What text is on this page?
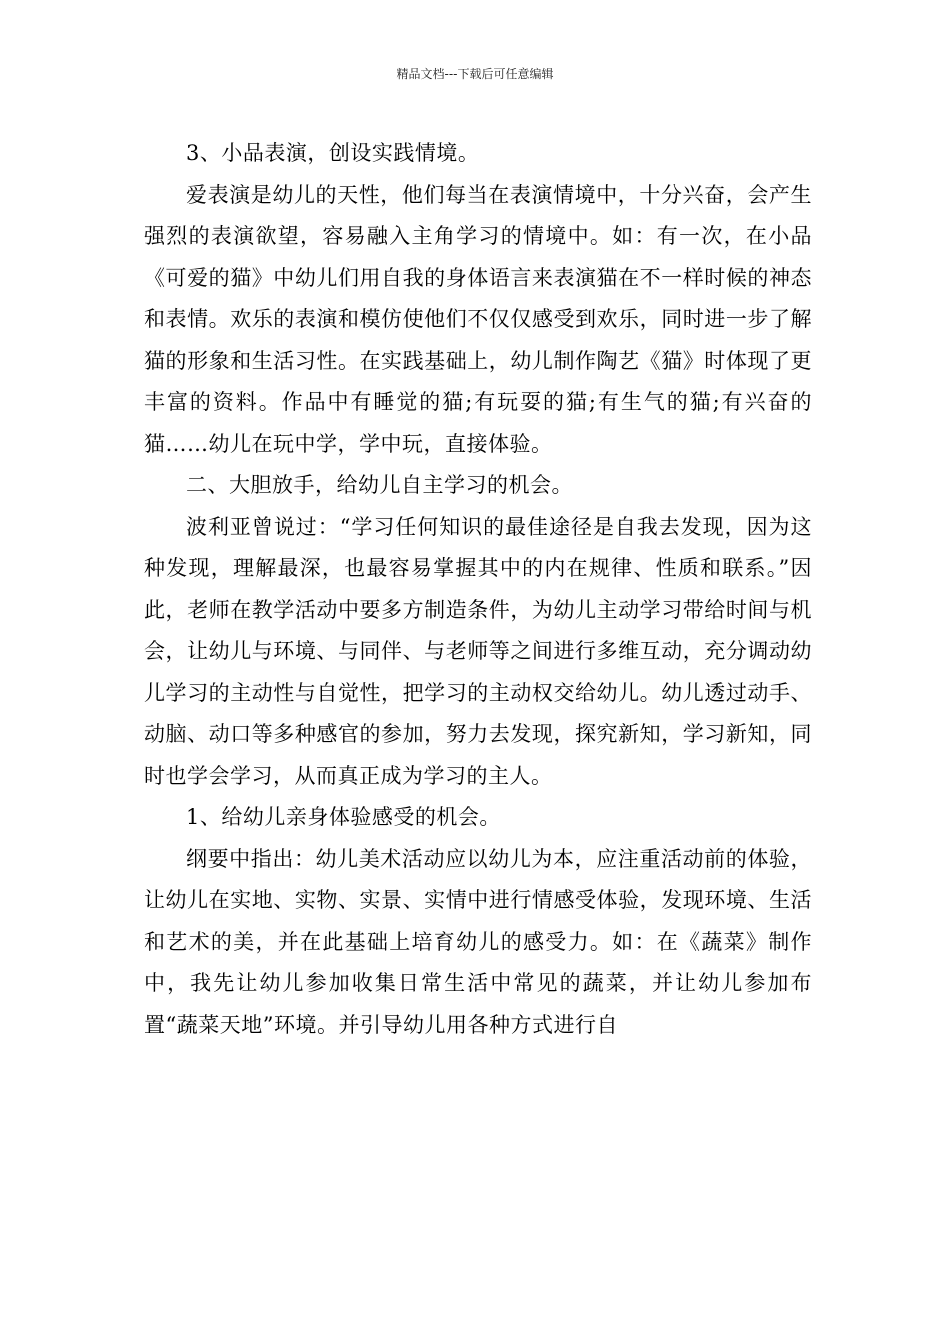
精品文档---下载后可任意编辑

3、小品表演，创设实践情境。

爱表演是幼儿的天性，他们每当在表演情境中，十分兴奋，会产生强烈的表演欲望，容易融入主角学习的情境中。如：有一次，在小品《可爱的猫》中幼儿们用自我的身体语言来表演猫在不一样时候的神态和表情。欢乐的表演和模仿使他们不仅仅感受到欢乐，同时进一步了解猫的形象和生活习性。在实践基础上，幼儿制作陶艺《猫》时体现了更丰富的资料。作品中有睡觉的猫;有玩耍的猫;有生气的猫;有兴奋的猫……幼儿在玩中学，学中玩，直接体验。

二、大胆放手，给幼儿自主学习的机会。

波利亚曾说过：“学习任何知识的最佳途径是自我去发现，因为这种发现，理解最深，也最容易掌握其中的内在规律、性质和联系。”因此，老师在教学活动中要多方制造条件，为幼儿主动学习带给时间与机会，让幼儿与环境、与同伴、与老师等之间进行多维互动，充分调动幼儿学习的主动性与自觉性，把学习的主动权交给幼儿。幼儿透过动手、动脑、动口等多种感官的参加，努力去发现，探究新知，学习新知，同时也学会学习，从而真正成为学习的主人。

1、给幼儿亲身体验感受的机会。

纲要中指出：幼儿美术活动应以幼儿为本，应注重活动前的体验，让幼儿在实地、实物、实景、实情中进行情感受体验，发现环境、生活和艺术的美，并在此基础上培育幼儿的感受力。如：在《蔬菜》制作中，我先让幼儿参加收集日常生活中常见的蔬菜，并让幼儿参加布置“蔬菜天地”环境。并引导幼儿用各种方式进行自
